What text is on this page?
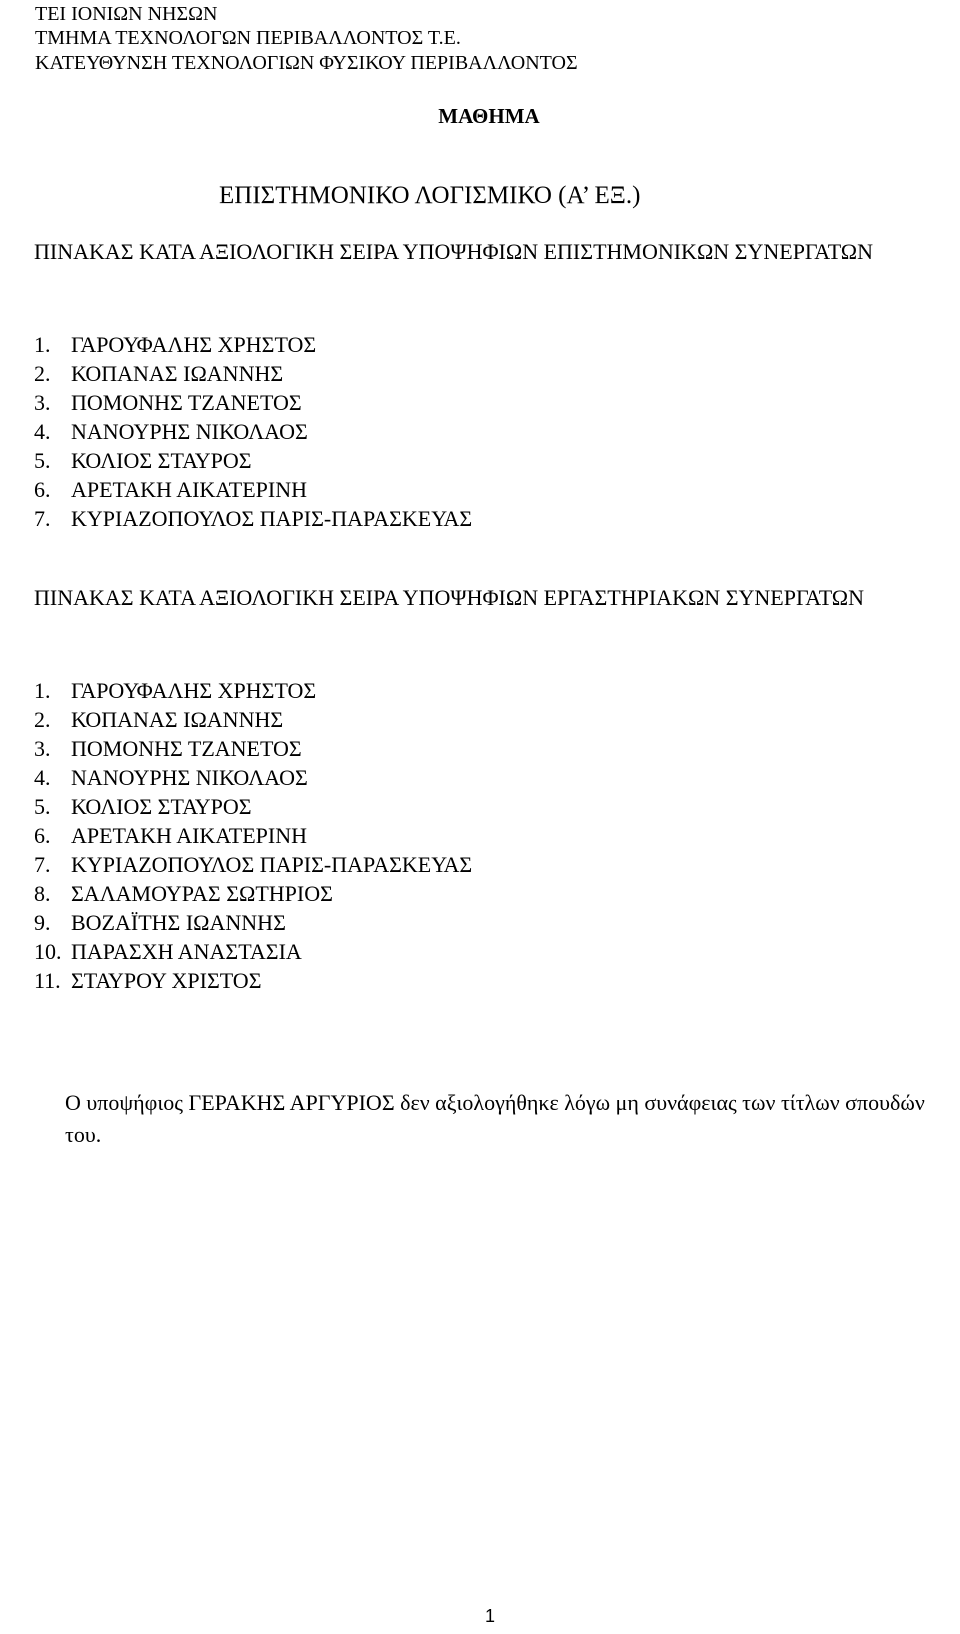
ΤΕΙ ΙΟΝΙΩΝ ΝΗΣΩΝ
ΤΜΗΜΑ ΤΕΧΝΟΛΟΓΩΝ ΠΕΡΙΒΑΛΛΟΝΤΟΣ Τ.Ε.
ΚΑΤΕΥΘΥΝΣΗ ΤΕΧΝΟΛΟΓΙΩΝ ΦΥΣΙΚΟΥ ΠΕΡΙΒΑΛΛΟΝΤΟΣ
ΜΑΘΗΜΑ
ΕΠΙΣΤΗΜΟΝΙΚΟ ΛΟΓΙΣΜΙΚΟ (Α’ ΕΞ.)
ΠΙΝΑΚΑΣ ΚΑΤΑ ΑΞΙΟΛΟΓΙΚΗ ΣΕΙΡΑ ΥΠΟΨΗΦΙΩΝ ΕΠΙΣΤΗΜΟΝΙΚΩΝ ΣΥΝΕΡΓΑΤΩΝ
1. ΓΑΡΟΥΦΑΛΗΣ ΧΡΗΣΤΟΣ
2. ΚΟΠΑΝΑΣ ΙΩΑΝΝΗΣ
3. ΠΟΜΟΝΗΣ ΤΖΑΝΕΤΟΣ
4. ΝΑΝΟΥΡΗΣ ΝΙΚΟΛΑΟΣ
5. ΚΟΛΙΟΣ ΣΤΑΥΡΟΣ
6. ΑΡΕΤΑΚΗ ΑΙΚΑΤΕΡΙΝΗ
7. ΚΥΡΙΑΖΟΠΟΥΛΟΣ ΠΑΡΙΣ-ΠΑΡΑΣΚΕΥΑΣ
ΠΙΝΑΚΑΣ ΚΑΤΑ ΑΞΙΟΛΟΓΙΚΗ ΣΕΙΡΑ ΥΠΟΨΗΦΙΩΝ ΕΡΓΑΣΤΗΡΙΑΚΩΝ ΣΥΝΕΡΓΑΤΩΝ
1. ΓΑΡΟΥΦΑΛΗΣ ΧΡΗΣΤΟΣ
2. ΚΟΠΑΝΑΣ ΙΩΑΝΝΗΣ
3. ΠΟΜΟΝΗΣ ΤΖΑΝΕΤΟΣ
4. ΝΑΝΟΥΡΗΣ ΝΙΚΟΛΑΟΣ
5. ΚΟΛΙΟΣ ΣΤΑΥΡΟΣ
6. ΑΡΕΤΑΚΗ ΑΙΚΑΤΕΡΙΝΗ
7. ΚΥΡΙΑΖΟΠΟΥΛΟΣ ΠΑΡΙΣ-ΠΑΡΑΣΚΕΥΑΣ
8. ΣΑΛΑΜΟΥΡΑΣ ΣΩΤΗΡΙΟΣ
9. ΒΟΖΑΪΤΗΣ ΙΩΑΝΝΗΣ
10. ΠΑΡΑΣΧΗ ΑΝΑΣΤΑΣΙΑ
11. ΣΤΑΥΡΟΥ ΧΡΙΣΤΟΣ
Ο υποψήφιος ΓΕΡΑΚΗΣ ΑΡΓΥΡΙΟΣ δεν αξιολογήθηκε λόγω μη συνάφειας των τίτλων σπουδών του.
1
